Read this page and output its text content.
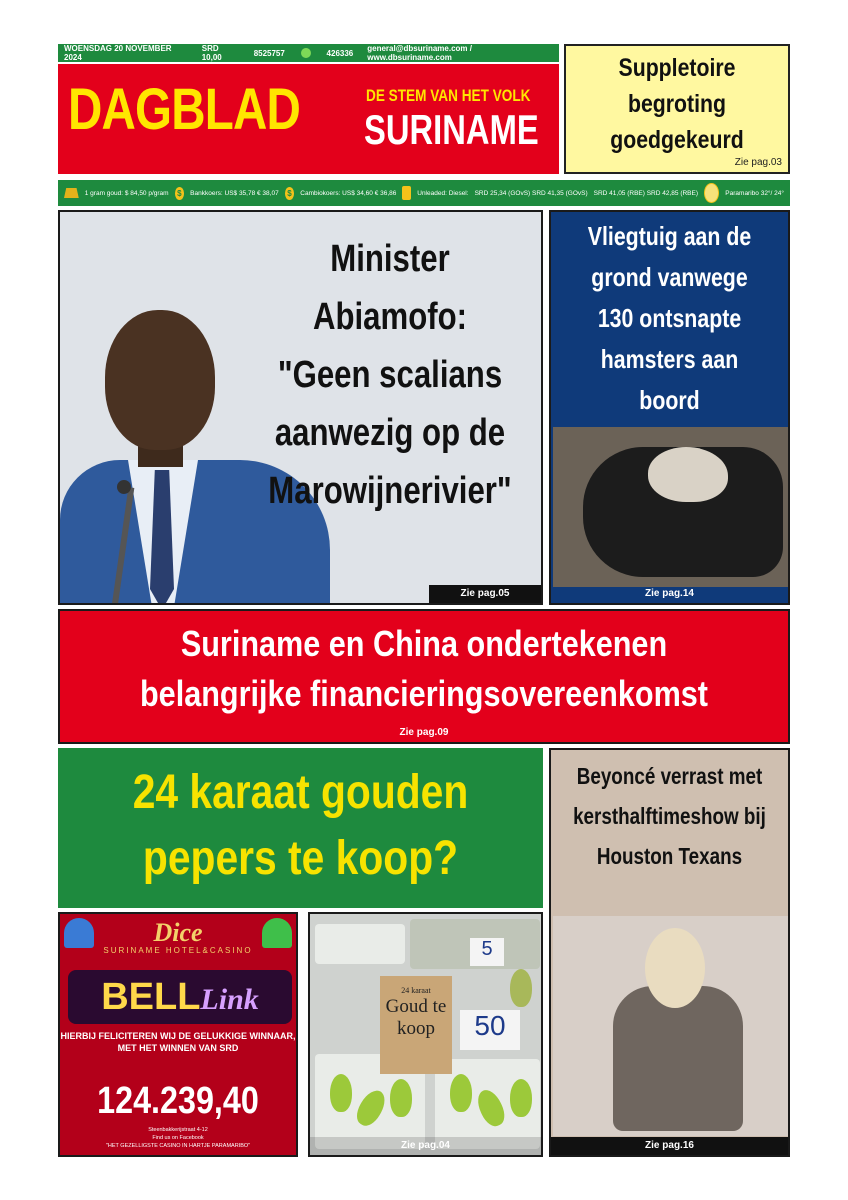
WOENSDAG 20 NOVEMBER 2024
SRD 10,00	8525757	426336 general@dbsuriname.com / www.dbsuriname.com
DAGBLAD	DE STEM VAN HET VOLK
SURINAME
Suppletoire begroting goedgekeurd
Zie pag.03
1 gram goud: $ 84,50 p/gram	$	Bankkoers: US$ 35,78 € 38,07	$	Cambiokoers: US$ 34,60 € 36,86	Unleaded: Diesel: SRD 25,34 (GOvS) SRD 41,35 (GOvS) SRD 41,05 (RBE) SRD 42,85 (RBE)	Paramaribo 32°/ 24°
Minister Abiamofo: "Geen scalians aanwezig op de Marowijnerivier"
Zie pag.05
Vliegtuig aan de grond vanwege 130 ontsnapte hamsters aan boord
Zie pag.14
Suriname en China ondertekenen belangrijke financieringsovereenkomst
Zie pag.09
24 karaat gouden pepers te koop?
Dice
SURINAME HOTEL&CASINO
BELLLink
HIERBIJ FELICITEREN WIJ DE GELUKKIGE WINNAAR, MET HET WINNEN VAN SRD
124.239,40
Steenbakkerijstraat 4-12
Find us on Facebook
"HET GEZELLIGSTE CASINO IN HARTJE PARAMARIBO"
24 karaat
Goud te koop	50
5
Zie pag.04
Beyoncé verrast met kersthalftimeshow bij Houston Texans
Zie pag.16
